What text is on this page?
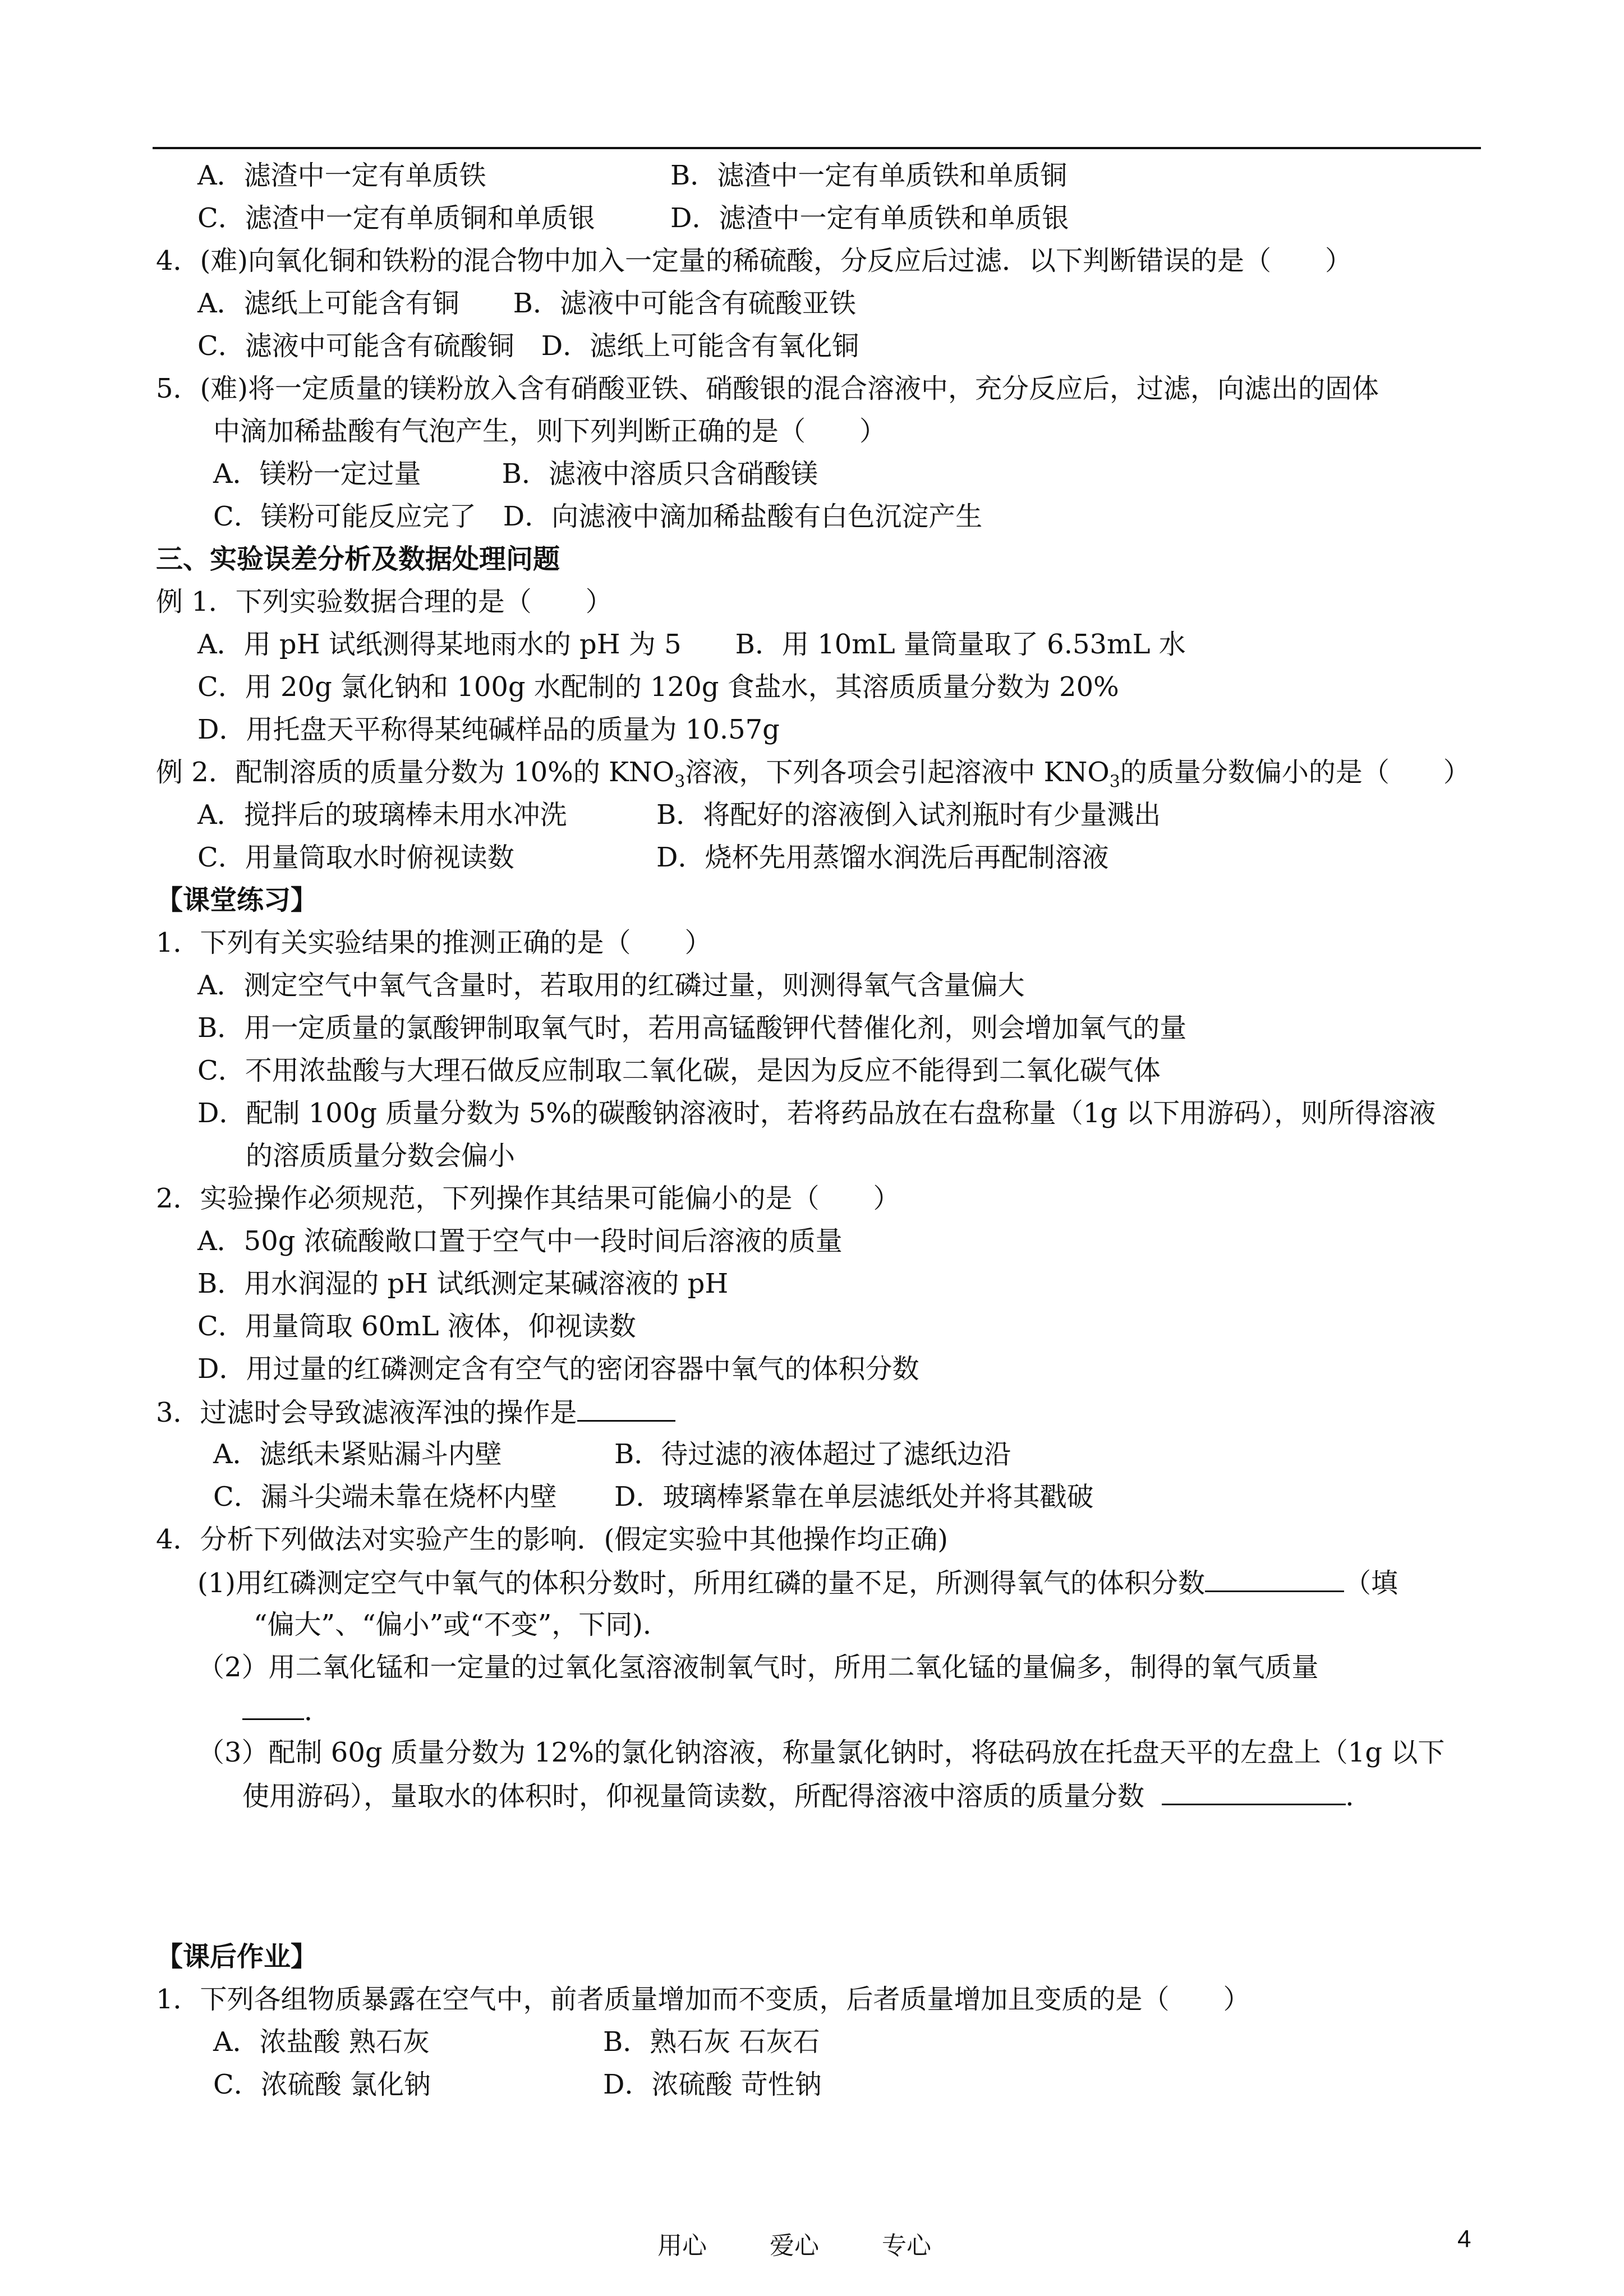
A．滤渣中一定有单质铁	B．滤渣中一定有单质铁和单质铜
C．滤渣中一定有单质铜和单质银	D．滤渣中一定有单质铁和单质银
4．(难)向氧化铜和铁粉的混合物中加入一定量的稀硫酸，分反应后过滤．以下判断错误的是（　　）
A．滤纸上可能含有铜　　B．滤液中可能含有硫酸亚铁
C．滤液中可能含有硫酸铜　D．滤纸上可能含有氧化铜
5．(难)将一定质量的镁粉放入含有硝酸亚铁、硝酸银的混合溶液中，充分反应后，过滤，向滤出的固体
中滴加稀盐酸有气泡产生，则下列判断正确的是（　　）
A．镁粉一定过量　　　B．滤液中溶质只含硝酸镁
C．镁粉可能反应完了　D．向滤液中滴加稀盐酸有白色沉淀产生
三、实验误差分析及数据处理问题
例 1．下列实验数据合理的是（　　）
A．用 pH 试纸测得某地雨水的 pH 为 5　　B．用 10mL 量筒量取了 6.53mL 水
C．用 20g 氯化钠和 100g 水配制的 120g 食盐水，其溶质质量分数为 20%
D．用托盘天平称得某纯碱样品的质量为 10.57g
例 2．配制溶质的质量分数为 10%的 $KNO_3$溶液，下列各项会引起溶液中 $KNO_3$的质量分数偏小的是（　　）
A．搅拌后的玻璃棒未用水冲洗	B．将配好的溶液倒入试剂瓶时有少量溅出
C．用量筒取水时俯视读数	D．烧杯先用蒸馏水润洗后再配制溶液
【课堂练习】
1．下列有关实验结果的推测正确的是（　　）
A．测定空气中氧气含量时，若取用的红磷过量，则测得氧气含量偏大
B．用一定质量的氯酸钾制取氧气时，若用高锰酸钾代替催化剂，则会增加氧气的量
C．不用浓盐酸与大理石做反应制取二氧化碳，是因为反应不能得到二氧化碳气体
D．配制 100g 质量分数为 5%的碳酸钠溶液时，若将药品放在右盘称量（1g 以下用游码），则所得溶液
的溶质质量分数会偏小
2．实验操作必须规范，下列操作其结果可能偏小的是（　　）
A．50g 浓硫酸敞口置于空气中一段时间后溶液的质量
B．用水润湿的 pH 试纸测定某碱溶液的 pH
C．用量筒取 60mL 液体，仰视读数
D．用过量的红磷测定含有空气的密闭容器中氧气的体积分数
3．过滤时会导致滤液浑浊的操作是
A．滤纸未紧贴漏斗内壁	B．待过滤的液体超过了滤纸边沿
C．漏斗尖端未靠在烧杯内壁 D．玻璃棒紧靠在单层滤纸处并将其戳破
4．分析下列做法对实验产生的影响．(假定实验中其他操作均正确)
(1)用红磷测定空气中氧气的体积分数时，所用红磷的量不足，所测得氧气的体积分数	（填
“偏大”、“偏小”或“不变”，下同)．
（2）用二氧化锰和一定量的过氧化氢溶液制氧气时，所用二氧化锰的量偏多，制得的氧气质量
．
（3）配制 60g 质量分数为 12%的氯化钠溶液，称量氯化钠时，将砝码放在托盘天平的左盘上（1g 以下
使用游码），量取水的体积时，仰视量筒读数，所配得溶液中溶质的质量分数	．
【课后作业】
1．下列各组物质暴露在空气中，前者质量增加而不变质，后者质量增加且变质的是（　　）
A．浓盐酸 熟石灰	B．熟石灰 石灰石
C．浓硫酸 氯化钠	D．浓硫酸 苛性钠
用心	爱心	专心	4
